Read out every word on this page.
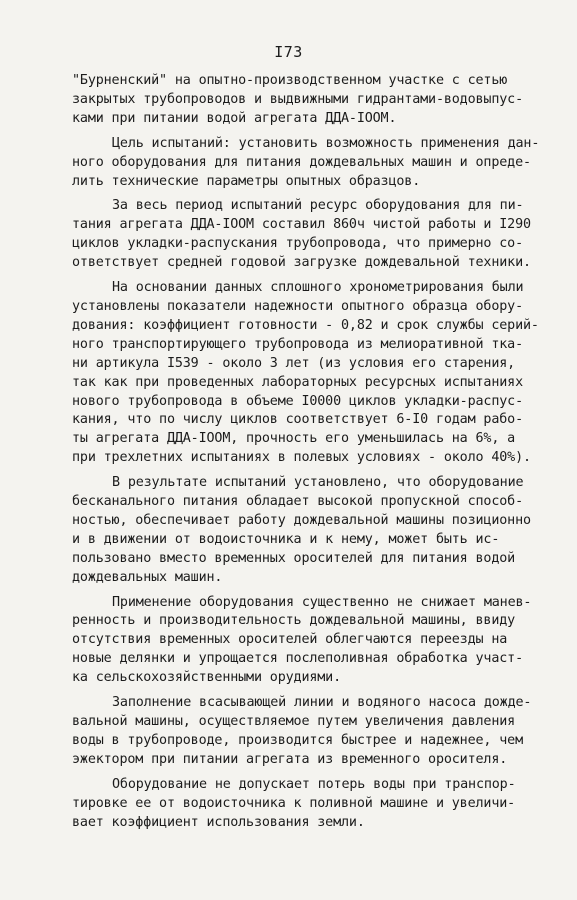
I73

"Бурненский" на опытно-производственном участке с сетью
закрытых трубопроводов и выдвижными гидрантами-водовыпус-
ками при питании водой агрегата ДДА-IOOM.

Цель испытаний: установить возможность применения дан-
ного оборудования для питания дождевальных машин и опреде-
лить технические параметры опытных образцов.

За весь период испытаний ресурс оборудования для пи-
тания агрегата ДДА-IOOM составил 860ч чистой работы и I290
циклов укладки-распускания трубопровода, что примерно со-
ответствует средней годовой загрузке дождевальной техники.

На основании данных сплошного хронометрирования были
установлены показатели надежности опытного образца обору-
дования: коэффициент готовности - 0,82 и срок службы серий-
ного транспортирующего трубопровода из мелиоративной тка-
ни артикула I539 - около 3 лет (из условия его старения,
так как при проведенных лабораторных ресурсных испытаниях
нового трубопровода в объеме I0000 циклов укладки-распус-
кания, что по числу циклов соответствует 6-I0 годам рабо-
ты агрегата ДДА-IOOM, прочность его уменьшилась на 6%, а
при трехлетних испытаниях в полевых условиях - около 40%).

В результате испытаний установлено, что оборудование
бесканального питания обладает высокой пропускной способ-
ностью, обеспечивает работу дождевальной машины позиционно
и в движении от водоисточника и к нему, может быть ис-
пользовано вместо временных оросителей для питания водой
дождевальных машин.

Применение оборудования существенно не снижает манев-
ренность и производительность дождевальной машины, ввиду
отсутствия временных оросителей облегчаются переезды на
новые делянки и упрощается послеполивная обработка участ-
ка сельскохозяйственными орудиями.

Заполнение всасывающей линии и водяного насоса дожде-
вальной машины, осуществляемое путем увеличения давления
воды в трубопроводе, производится быстрее и надежнее, чем
эжектором при питании агрегата из временного оросителя.

Оборудование не допускает потерь воды при транспор-
тировке ее от водоисточника к поливной машине и увеличи-
вает коэффициент использования земли.
